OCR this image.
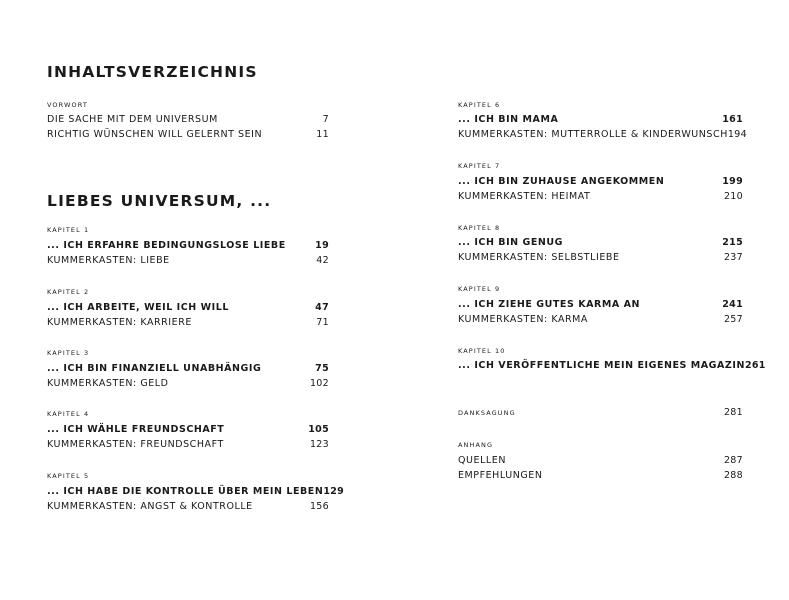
INHALTSVERZEICHNIS
VORWORT
DIE SACHE MIT DEM UNIVERSUM	7
RICHTIG WÜNSCHEN WILL GELERNT SEIN	11
LIEBES UNIVERSUM, ...
KAPITEL 1
... ICH ERFAHRE BEDINGUNGSLOSE LIEBE	19
KUMMERKASTEN: LIEBE	42
KAPITEL 2
... ICH ARBEITE, WEIL ICH WILL	47
KUMMERKASTEN: KARRIERE	71
KAPITEL 3
... ICH BIN FINANZIELL UNABHÄNGIG	75
KUMMERKASTEN: GELD	102
KAPITEL 4
... ICH WÄHLE FREUNDSCHAFT	105
KUMMERKASTEN: FREUNDSCHAFT	123
KAPITEL 5
... ICH HABE DIE KONTROLLE ÜBER MEIN LEBEN 129
KUMMERKASTEN: ANGST & KONTROLLE	156
KAPITEL 6
... ICH BIN MAMA	161
KUMMERKASTEN: MUTTERROLLE & KINDERWUNSCH 194
KAPITEL 7
... ICH BIN ZUHAUSE ANGEKOMMEN	199
KUMMERKASTEN: HEIMAT	210
KAPITEL 8
... ICH BIN GENUG	215
KUMMERKASTEN: SELBSTLIEBE	237
KAPITEL 9
... ICH ZIEHE GUTES KARMA AN	241
KUMMERKASTEN: KARMA	257
KAPITEL 10
... ICH VERÖFFENTLICHE MEIN EIGENES MAGAZIN 261
DANKSAGUNG	281
ANHANG
QUELLEN	287
EMPFEHLUNGEN	288
